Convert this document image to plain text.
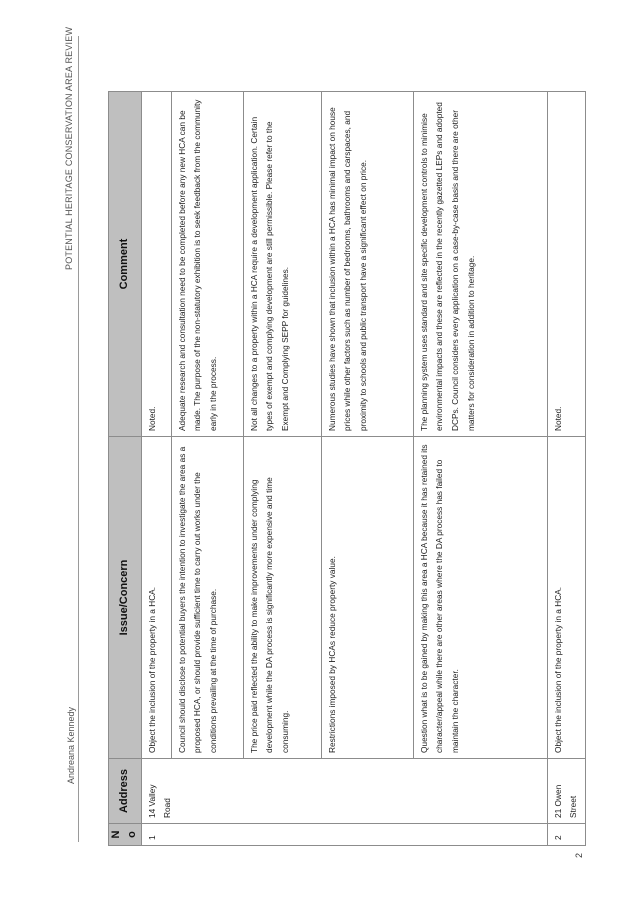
Andreana Kennedy
POTENTIAL HERITAGE CONSERVATION AREA REVIEW
No	Address	Issue/Concern	Comment
1	14 Valley Road	Object the inclusion of the property in a HCA.	Noted.
		Council should disclose to potential buyers the intention to investigate the area as a proposed HCA, or should provide sufficient time to carry out works under the conditions prevailing at the time of purchase.	Adequate research and consultation need to be completed before any new HCA can be made. The purpose of the non-statutory exhibition is to seek feedback from the community early in the process.
		The price paid reflected the ability to make improvements under complying development while the DA process is significantly more expensive and time consuming.	Not all changes to a property within a HCA require a development application. Certain types of exempt and complying development are still permissible. Please refer to the Exempt and Complying SEPP for guidelines.
		Restrictions imposed by HCAs reduce property value.	Numerous studies have shown that inclusion within a HCA has minimal impact on house prices while other factors such as number of bedrooms, bathrooms and carspaces, and proximity to schools and public transport have a significant effect on price.
		Question what is to be gained by making this area a HCA because it has retained its character/appeal while there are other areas where the DA process has failed to maintain the character.	The planning system uses standard and site specific development controls to minimise environmental impacts and these are reflected in the recently gazetted LEPs and adopted DCPs. Council considers every application on a case-by-case basis and there are other matters for consideration in addition to heritage.
2	21 Owen Street	Object the inclusion of the property in a HCA.	Noted.
2
